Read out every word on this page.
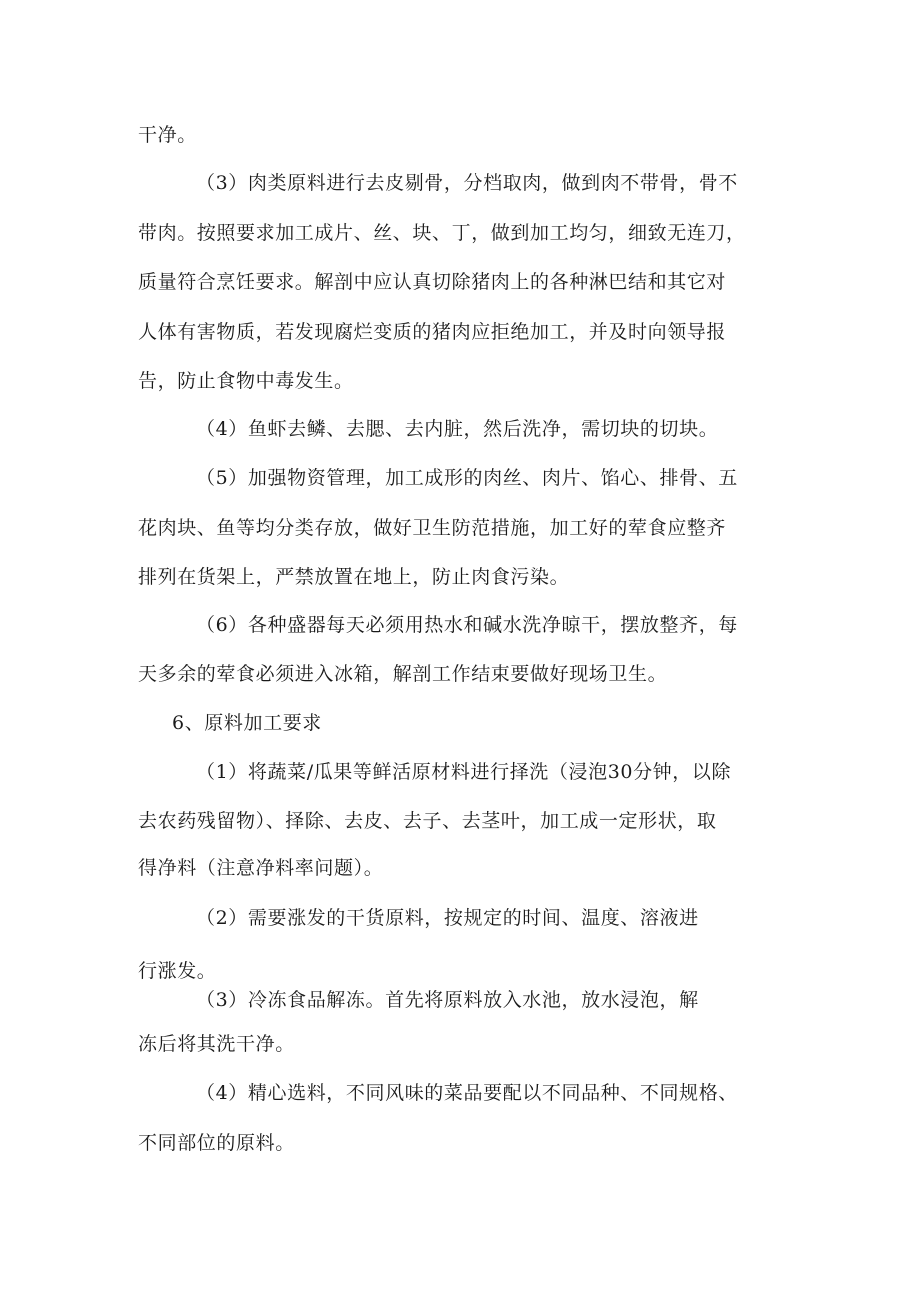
干净。
（3）肉类原料进行去皮剔骨，分档取肉，做到肉不带骨，骨不
带肉。按照要求加工成片、丝、块、丁，做到加工均匀，细致无连刀，
质量符合烹饪要求。解剖中应认真切除猪肉上的各种淋巴结和其它对
人体有害物质，若发现腐烂变质的猪肉应拒绝加工，并及时向领导报
告，防止食物中毒发生。
（4）鱼虾去鳞、去腮、去内脏，然后洗净，需切块的切块。
（5）加强物资管理，加工成形的肉丝、肉片、馅心、排骨、五
花肉块、鱼等均分类存放，做好卫生防范措施，加工好的荤食应整齐
排列在货架上，严禁放置在地上，防止肉食污染。
（6）各种盛器每天必须用热水和碱水洗净晾干，摆放整齐，每
天多余的荤食必须进入冰箱，解剖工作结束要做好现场卫生。
6、原料加工要求
（1）将蔬菜/瓜果等鲜活原材料进行择洗（浸泡30分钟，以除
去农药残留物）、择除、去皮、去子、去茎叶，加工成一定形状，取
得净料（注意净料率问题）。
（2）需要涨发的干货原料，按规定的时间、温度、溶液进
行涨发。
（3）冷冻食品解冻。首先将原料放入水池，放水浸泡，解
冻后将其洗干净。
（4）精心选料，不同风味的菜品要配以不同品种、不同规格、
不同部位的原料。
